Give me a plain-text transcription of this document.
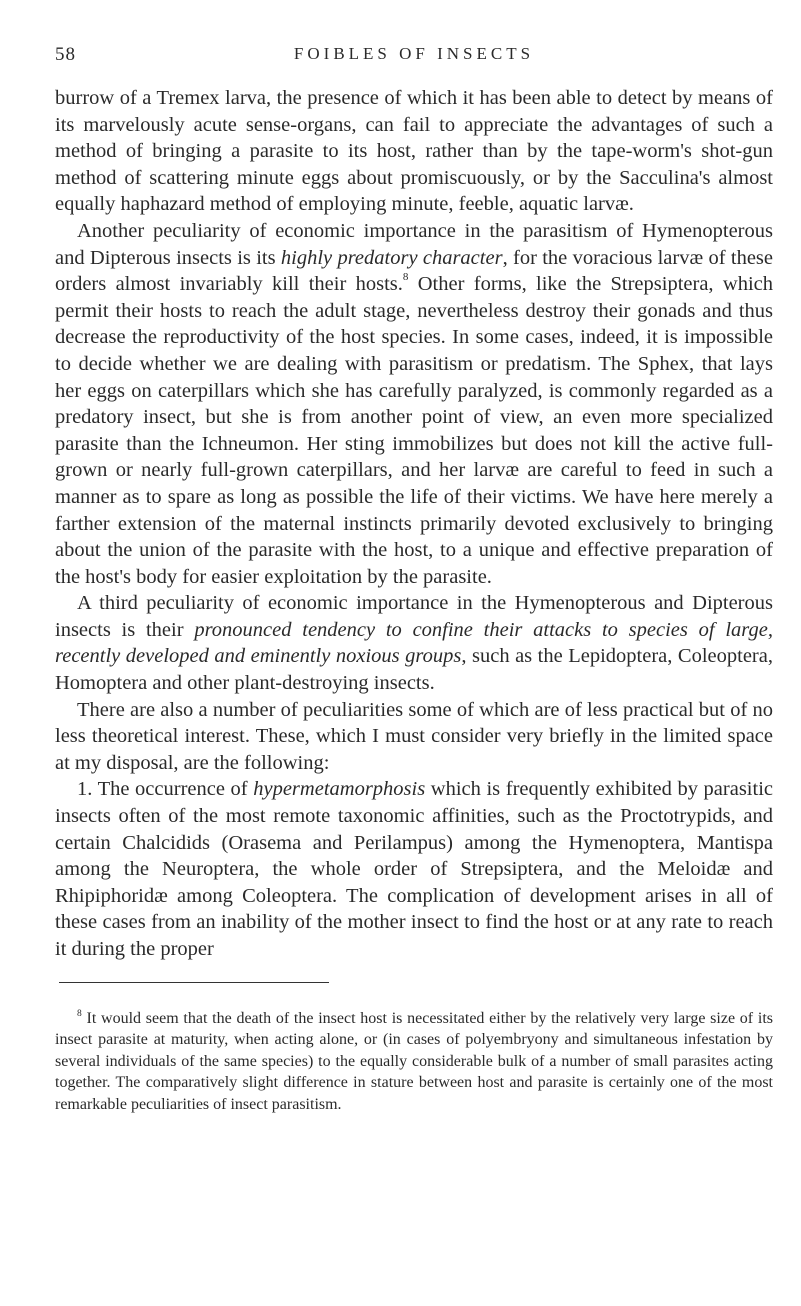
58	FOIBLES OF INSECTS

burrow of a Tremex larva, the presence of which it has been able to detect by means of its marvelously acute sense-organs, can fail to appreciate the advantages of such a method of bringing a parasite to its host, rather than by the tape-worm's shot-gun method of scattering minute eggs about promiscuously, or by the Sacculina's almost equally haphazard method of employing minute, feeble, aquatic larvæ.

Another peculiarity of economic importance in the parasitism of Hymenopterous and Dipterous insects is its highly predatory character, for the voracious larvæ of these orders almost invariably kill their hosts.$^8$ Other forms, like the Strepsiptera, which permit their hosts to reach the adult stage, nevertheless destroy their gonads and thus decrease the reproductivity of the host species. In some cases, indeed, it is impossible to decide whether we are dealing with parasitism or predatism. The Sphex, that lays her eggs on caterpillars which she has carefully paralyzed, is commonly regarded as a predatory insect, but she is from another point of view, an even more specialized parasite than the Ichneumon. Her sting immobilizes but does not kill the active full-grown or nearly full-grown caterpillars, and her larvæ are careful to feed in such a manner as to spare as long as possible the life of their victims. We have here merely a farther extension of the maternal instincts primarily devoted exclusively to bringing about the union of the parasite with the host, to a unique and effective preparation of the host's body for easier exploitation by the parasite.

A third peculiarity of economic importance in the Hymenopterous and Dipterous insects is their pronounced tendency to confine their attacks to species of large, recently developed and eminently noxious groups, such as the Lepidoptera, Coleoptera, Homoptera and other plant-destroying insects.

There are also a number of peculiarities some of which are of less practical but of no less theoretical interest. These, which I must consider very briefly in the limited space at my disposal, are the following:

1. The occurrence of hypermetamorphosis which is frequently exhibited by parasitic insects often of the most remote taxonomic affinities, such as the Proctotrypids, and certain Chalcidids (Orasema and Perilampus) among the Hymenoptera, Mantispa among the Neuroptera, the whole order of Strepsiptera, and the Meloidæ and Rhipiphoridæ among Coleoptera. The complication of development arises in all of these cases from an inability of the mother insect to find the host or at any rate to reach it during the proper

$^8$ It would seem that the death of the insect host is necessitated either by the relatively very large size of its insect parasite at maturity, when acting alone, or (in cases of polyembryony and simultaneous infestation by several individuals of the same species) to the equally considerable bulk of a number of small parasites acting together. The comparatively slight difference in stature between host and parasite is certainly one of the most remarkable peculiarities of insect parasitism.
